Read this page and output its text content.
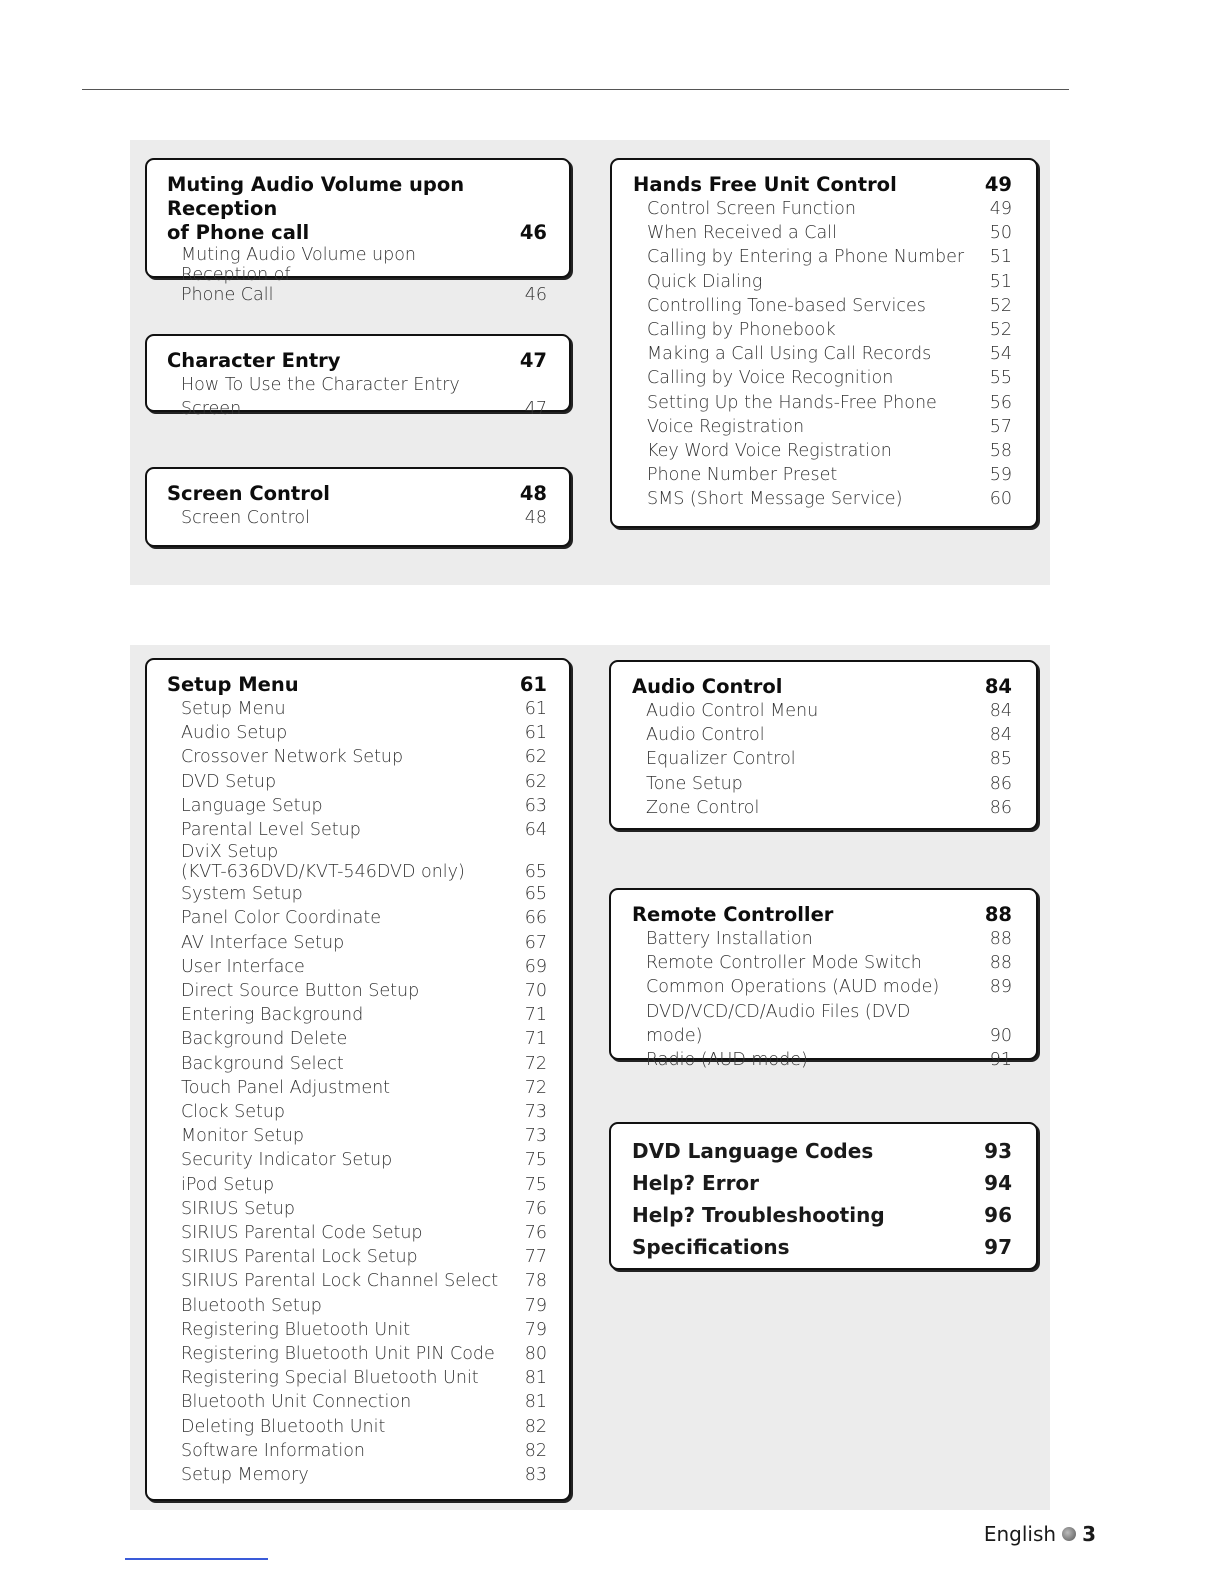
Muting Audio Volume upon Reception
of Phone call	46
Muting Audio Volume upon Reception of
Phone Call	46
Character Entry	47
How To Use the Character Entry Screen	47
Screen Control	48
Screen Control	48
Hands Free Unit Control	49
Control Screen Function	49
When Received a Call	50
Calling by Entering a Phone Number	51
Quick Dialing	51
Controlling Tone-based Services	52
Calling by Phonebook	52
Making a Call Using Call Records	54
Calling by Voice Recognition	55
Setting Up the Hands-Free Phone	56
Voice Registration	57
Key Word Voice Registration	58
Phone Number Preset	59
SMS (Short Message Service)	60
Setup Menu	61
Setup Menu	61
Audio Setup	61
Crossover Network Setup	62
DVD Setup	62
Language Setup	63
Parental Level Setup	64
DviX Setup
(KVT-636DVD/KVT-546DVD only)	65
System Setup	65
Panel Color Coordinate	66
AV Interface Setup	67
User Interface	69
Direct Source Button Setup	70
Entering Background	71
Background Delete	71
Background Select	72
Touch Panel Adjustment	72
Clock Setup	73
Monitor Setup	73
Security Indicator Setup	75
iPod Setup	75
SIRIUS Setup	76
SIRIUS Parental Code Setup	76
SIRIUS Parental Lock Setup	77
SIRIUS Parental Lock Channel Select	78
Bluetooth Setup	79
Registering Bluetooth Unit	79
Registering Bluetooth Unit PIN Code	80
Registering Special Bluetooth Unit	81
Bluetooth Unit Connection	81
Deleting Bluetooth Unit	82
Software Information	82
Setup Memory	83
Audio Control	84
Audio Control Menu	84
Audio Control	84
Equalizer Control	85
Tone Setup	86
Zone Control	86
Remote Controller	88
Battery Installation	88
Remote Controller Mode Switch	88
Common Operations (AUD mode)	89
DVD/VCD/CD/Audio Files (DVD mode)	90
Radio (AUD mode)	91
DVD Language Codes	93
Help? Error	94
Help? Troubleshooting	96
Specifications	97
English 3
